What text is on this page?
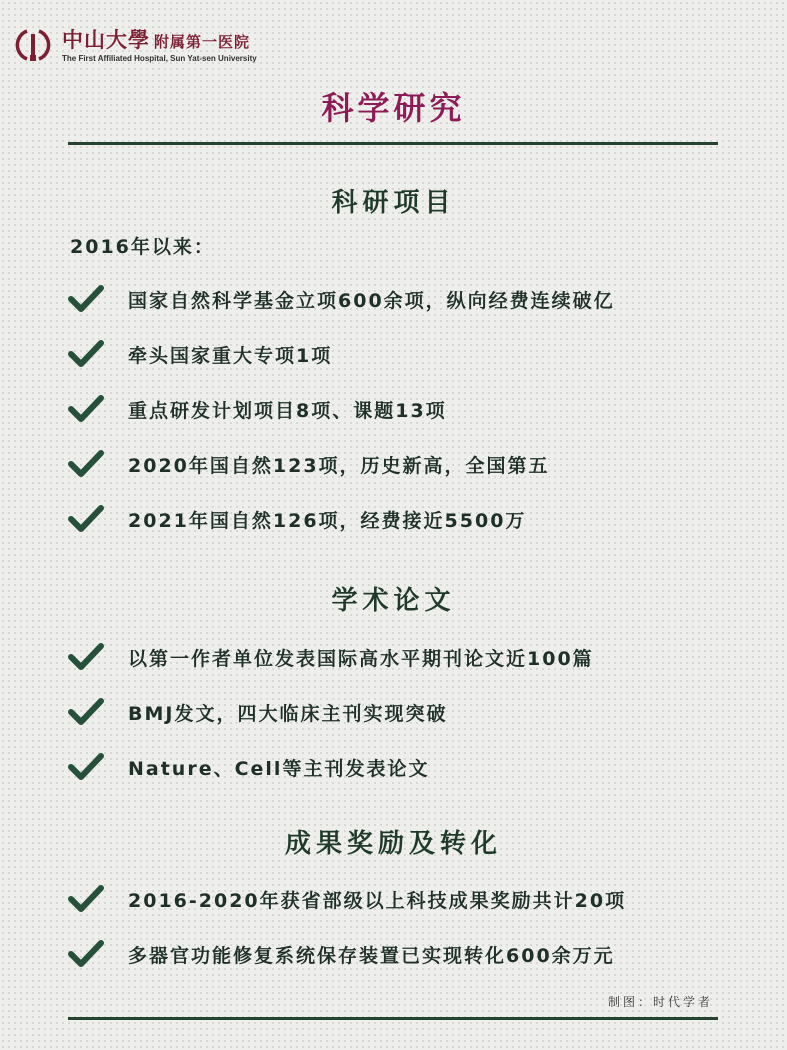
中山大學 附属第一医院
The First Affiliated Hospital, Sun Yat-sen University
科学研究
科研项目
2016年以来：
国家自然科学基金立项600余项，纵向经费连续破亿
牵头国家重大专项1项
重点研发计划项目8项、课题13项
2020年国自然123项，历史新高，全国第五
2021年国自然126项，经费接近5500万
学术论文
以第一作者单位发表国际高水平期刊论文近100篇
BMJ发文，四大临床主刊实现突破
Nature、Cell等主刊发表论文
成果奖励及转化
2016-2020年获省部级以上科技成果奖励共计20项
多器官功能修复系统保存装置已实现转化600余万元
制图：时代学者
